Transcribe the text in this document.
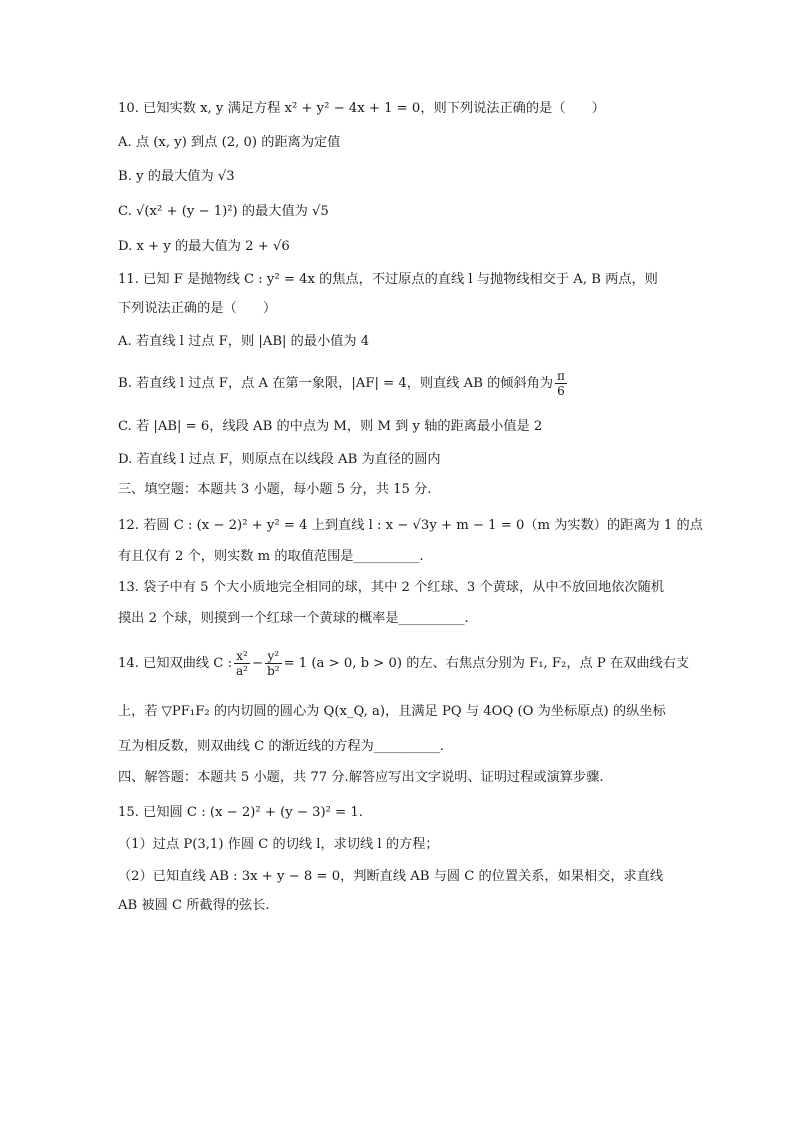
10. 已知实数 x, y 满足方程 x² + y² − 4x + 1 = 0，则下列说法正确的是（　　）
A. 点 (x, y) 到点 (2, 0) 的距离为定值
B. y 的最大值为 √3
C. √(x² + (y − 1)²) 的最大值为 √5
D. x + y 的最大值为 2 + √6
11. 已知 F 是抛物线 C : y² = 4x 的焦点，不过原点的直线 l 与抛物线相交于 A, B 两点，则
下列说法正确的是（　　）
A. 若直线 l 过点 F，则 |AB| 的最小值为 4
B. 若直线 l 过点 F，点 A 在第一象限，|AF| = 4，则直线 AB 的倾斜角为 $\frac{\pi}{6}$
C. 若 |AB| = 6，线段 AB 的中点为 M，则 M 到 y 轴的距离最小值是 2
D. 若直线 l 过点 F，则原点在以线段 AB 为直径的圆内
三、填空题：本题共 3 小题，每小题 5 分，共 15 分.
12. 若圆 C : (x − 2)² + y² = 4 上到直线 l : x − √3y + m − 1 = 0（m 为实数）的距离为 1 的点
有且仅有 2 个，则实数 m 的取值范围是__________.
13. 袋子中有 5 个大小质地完全相同的球，其中 2 个红球、3 个黄球，从中不放回地依次随机
摸出 2 个球，则摸到一个红球一个黄球的概率是__________.
14. 已知双曲线 C : $\frac{\text{x²}}{\text{a²}} - \frac{\text{y²}}{\text{b²}} = 1$ (a > 0, b > 0) 的左、右焦点分别为 F₁, F₂，点 P 在双曲线右支
上，若 ▽PF₁F₂ 的内切圆的圆心为 Q(x_Q, a)，且满足 PQ 与 4OQ (O 为坐标原点) 的纵坐标
互为相反数，则双曲线 C 的渐近线的方程为__________.
四、解答题：本题共 5 小题，共 77 分.解答应写出文字说明、证明过程或演算步骤.
15. 已知圆 C : (x − 2)² + (y − 3)² = 1.
（1）过点 P(3,1) 作圆 C 的切线 l，求切线 l 的方程；
（2）已知直线 AB : 3x + y − 8 = 0，判断直线 AB 与圆 C 的位置关系，如果相交，求直线
AB 被圆 C 所截得的弦长.
